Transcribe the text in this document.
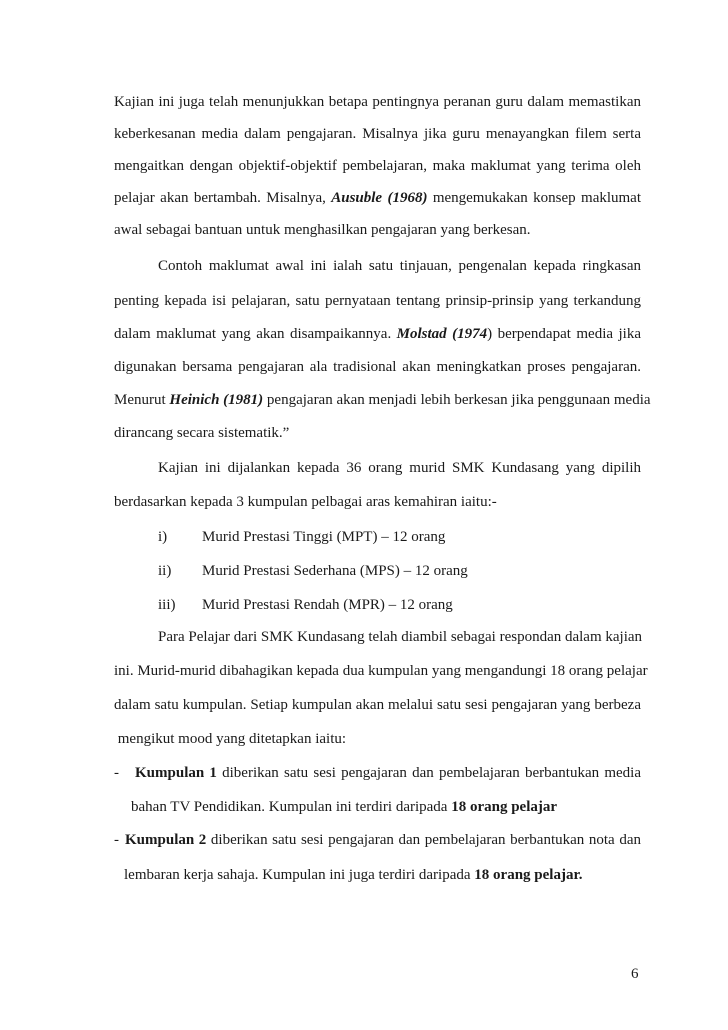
Kajian ini juga telah menunjukkan betapa pentingnya peranan guru dalam memastikan
keberkesanan media dalam pengajaran. Misalnya jika guru menayangkan filem serta
mengaitkan dengan objektif-objektif pembelajaran, maka maklumat yang terima oleh
pelajar akan bertambah. Misalnya, Ausuble (1968) mengemukakan konsep maklumat
awal sebagai bantuan untuk menghasilkan pengajaran yang berkesan.
Contoh maklumat awal ini ialah satu tinjauan, pengenalan kepada ringkasan
penting kepada isi pelajaran, satu pernyataan tentang prinsip-prinsip yang terkandung
dalam maklumat yang akan disampaikannya. Molstad (1974) berpendapat media jika
digunakan bersama pengajaran ala tradisional akan meningkatkan proses pengajaran.
Menurut Heinich (1981) pengajaran akan menjadi lebih berkesan jika penggunaan media
dirancang secara sistematik.”
Kajian ini dijalankan kepada 36 orang murid SMK Kundasang yang dipilih
berdasarkan kepada 3 kumpulan pelbagai aras kemahiran iaitu:-
i) Murid Prestasi Tinggi (MPT) – 12 orang
ii) Murid Prestasi Sederhana (MPS) – 12 orang
iii) Murid Prestasi Rendah (MPR) – 12 orang
Para Pelajar dari SMK Kundasang telah diambil sebagai respondan dalam kajian
ini. Murid-murid dibahagikan kepada dua kumpulan yang mengandungi 18 orang pelajar
dalam satu kumpulan. Setiap kumpulan akan melalui satu sesi pengajaran yang berbeza
mengikut mood yang ditetapkan iaitu:
- Kumpulan 1 diberikan satu sesi pengajaran dan pembelajaran berbantukan media
bahan TV Pendidikan. Kumpulan ini terdiri daripada 18 orang pelajar
- Kumpulan 2 diberikan satu sesi pengajaran dan pembelajaran berbantukan nota dan
lembaran kerja sahaja. Kumpulan ini juga terdiri daripada 18 orang pelajar.
6
